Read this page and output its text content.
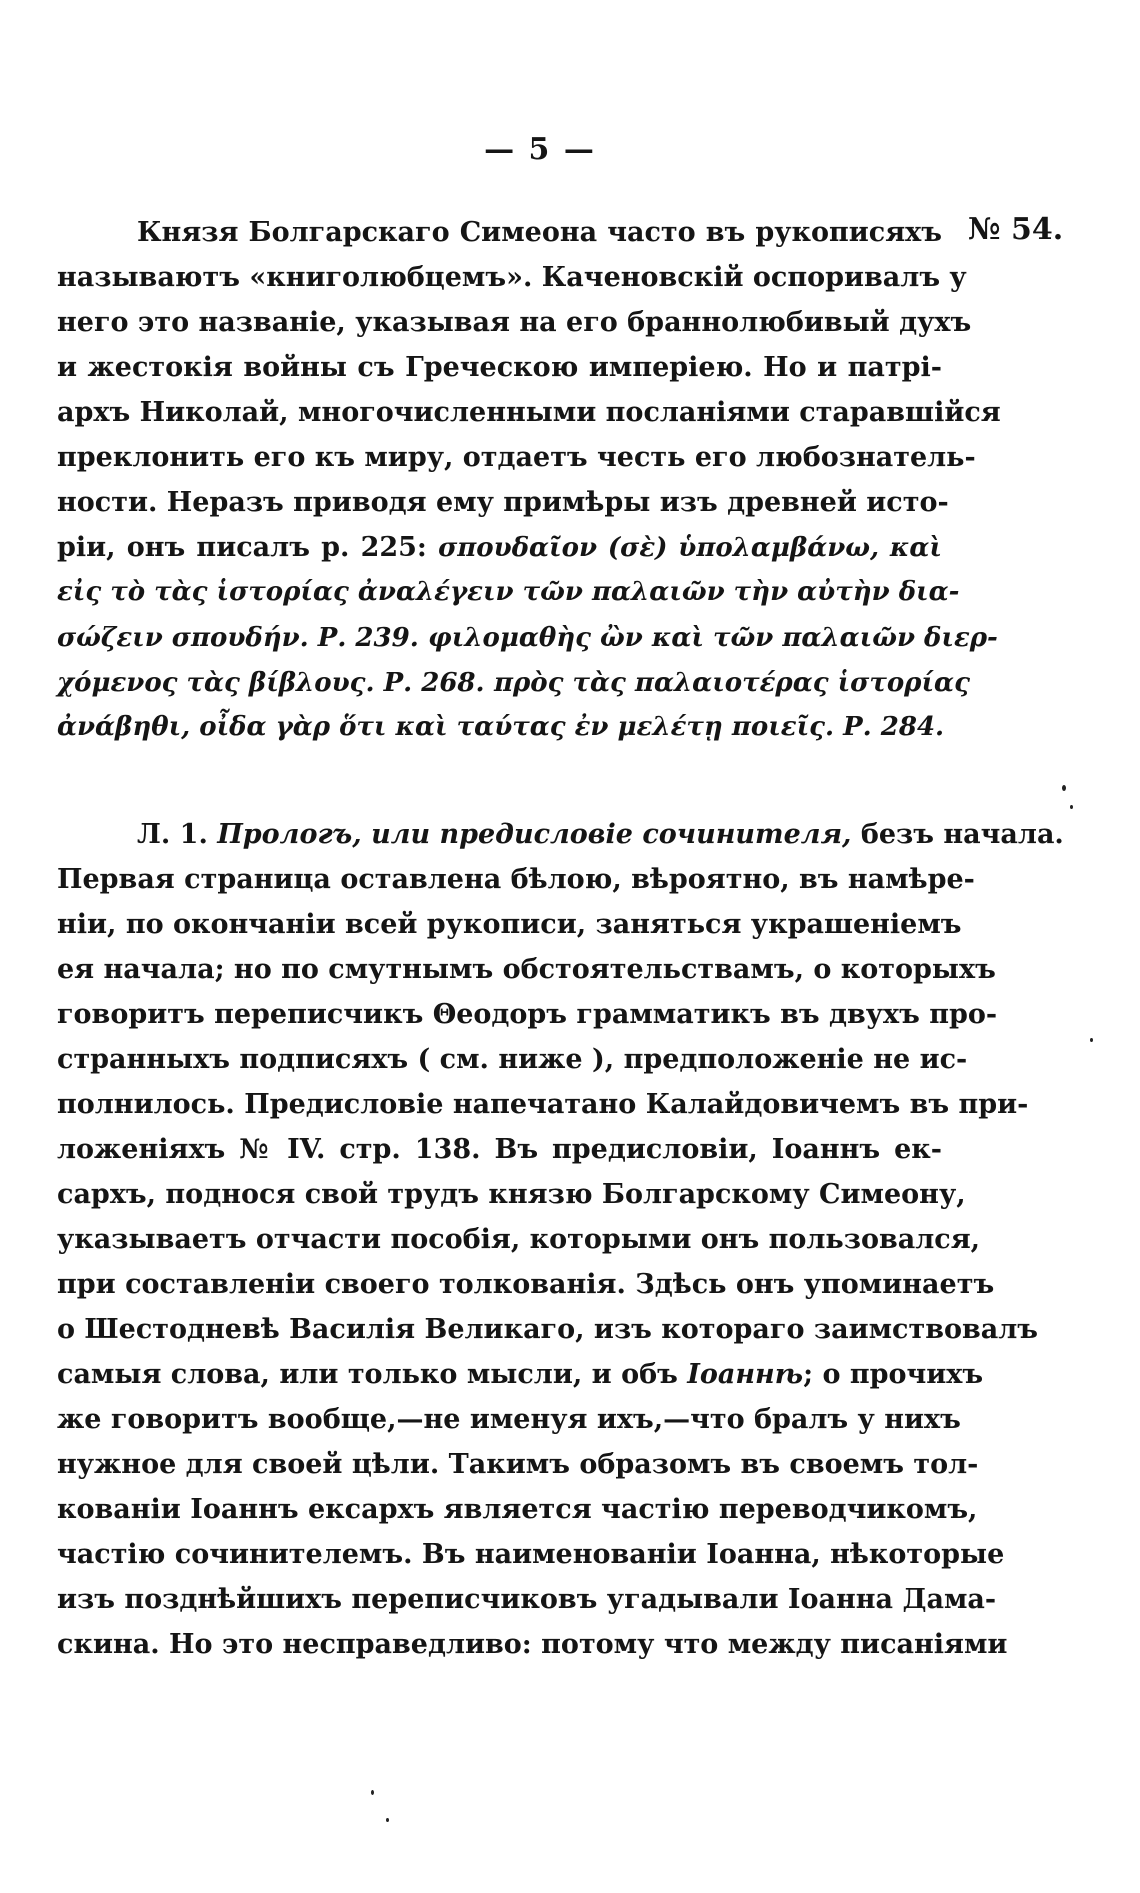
— 5 —
№ 54.
Князя Болгарскаго Симеона часто въ рукописяхъ
называютъ «книголюбцемъ». Каченовскiй оспоривалъ у
него это названiе, указывая на его браннолюбивый духъ
и жестокiя войны съ Греческою имперiею. Но и патрi-
архъ Николай, многочисленными посланiями старавшiйся
преклонить его къ миру, отдаетъ честь его любознатель-
ности. Неразъ приводя ему примѣры изъ древней исто-
рiи, онъ писалъ р. 225: σπουδαῖον (σὲ) ὑπολαμβάνω, καὶ
εἰς τὸ τὰς ἱστορίας ἀναλέγειν τῶν παλαιῶν τὴν αὐτὴν δια-
σώζειν σπουδήν. Р. 239. φιλομαθὴς ὢν καὶ τῶν παλαιῶν διερ-
χόμενος τὰς βίβλους. Р. 268. πρὸς τὰς παλαιοτέρας ἱστορίας
ἀνάβηθι, οἶδα γὰρ ὅτι καὶ ταύτας ἐν μελέτῃ ποιεῖς. Р. 284.
Л. 1. Прологъ, или предисловiе сочинителя, безъ начала.
Первая страница оставлена бѣлою, вѣроятно, въ намѣре-
нiи, по окончанiи всей рукописи, заняться украшенiемъ
ея начала; но по смутнымъ обстоятельствамъ, о которыхъ
говоритъ переписчикъ Θеодоръ грамматикъ въ двухъ про-
странныхъ подписяхъ ( см. ниже ), предположенiе не ис-
полнилось. Предисловiе напечатано Калайдовичемъ въ при-
ложенiяхъ № IV. стр. 138. Въ предисловiи, Iоаннъ ек-
сархъ, подноcя свой трудъ князю Болгарскому Симеону,
указываетъ отчасти пособiя, которыми онъ пользовался,
при составленiи своего толкованiя. Здѣсь онъ упоминаетъ
о Шестодневѣ Василiя Великаго, изъ котораго заимствовалъ
самыя слова, или только мысли, и объ Iоаннѣ; о прочихъ
же говоритъ вообще,—не именуя ихъ,—что бралъ у нихъ
нужное для своей цѣли. Такимъ образомъ въ своемъ тол-
кованiи Iоаннъ ексархъ является частiю переводчикомъ,
частiю сочинителемъ. Въ наименованiи Iоанна, нѣкоторые
изъ позднѣйшихъ переписчиковъ угадывали Iоанна Дама-
скина. Но это несправедливо: потому что между писанiями
